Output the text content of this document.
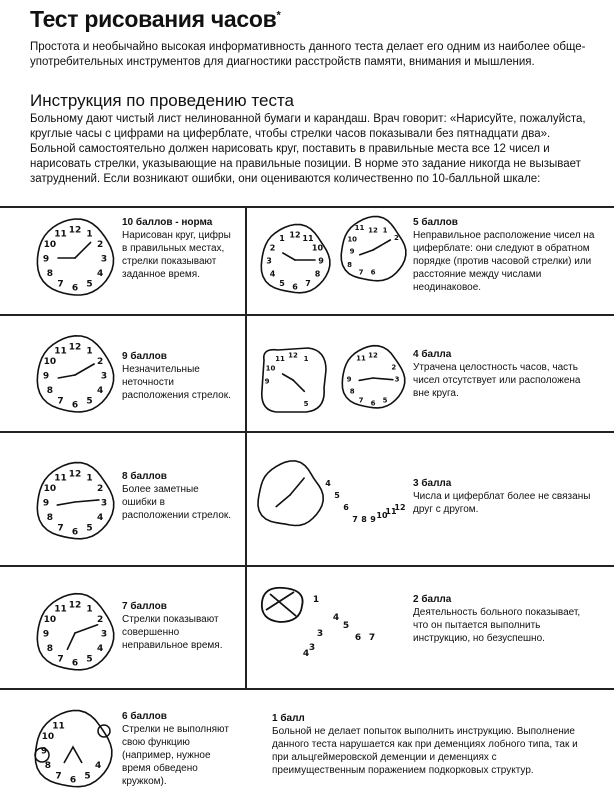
Тест рисования часов*
Простота и необычайно высокая информативность данного теста делает его одним из наиболее обще-употребительных инструментов для диагностики расстройств памяти, внимания и мышления.
Инструкция по проведению теста
Больному дают чистый лист нелинованной бумаги и карандаш. Врач говорит: «Нарисуйте, пожалуйста, круглые часы с цифрами на циферблате, чтобы стрелки часов показывали без пятнадцати два». Больной самостоятельно должен нарисовать круг, поставить в правильные места все 12 чисел и нарисовать стрелки, указывающие на правильные позиции. В норме это задание никогда не вызывает затруднений. Если возникают ошибки, они оцениваются количественно по 10-балльной шкале:
12 1
2
3
4
5
6
7
8
9
10
11
12 1
2
3
4
5
6
7
8
9
10
11
12 1
2
3
4
5
6
7
8
9
10
11
12 1
2
3
4
5
6
7
8
9
10
11
4
5
6
7
8
9
10
11
12 11
10
9
8
7
6
5
4
3
2
1
12 1
2
6
7
8
9
10
11
12 1
5
9
10
11	12
2
3
5
6
7
8
9
11
4
5
6
7 8 9 10
11
12
1
4
3
5
6 7
3
4
10 баллов - норма
Нарисован круг, цифры в правильных местах, стрелки показывают заданное время.
9 баллов
Незначительные неточности расположения стрелок.
8 баллов
Более заметные ошибки в расположении стрелок.
7 баллов
Стрелки показывают совершенно неправильное время.
6 баллов
Стрелки не выполняют свою функцию (например, нужное время обведено кружком).
5 баллов
Неправильное расположение чисел на циферблате: они следуют в обратном порядке (против часовой стрелки) или расстояние между числами неодинаковое.
4 балла
Утрачена целостность часов, часть чисел отсутствует или расположена вне круга.
3 балла
Числа и циферблат более не связаны друг с другом.
2 балла
Деятельность больного показывает, что он пытается выполнить инструкцию, но безуспешно.
1 балл
Больной не делает попыток выполнить инструкцию. Выполнение данного теста нарушается как при деменциях лобного типа, так и при альцгеймеровской деменции и деменциях с преимущественным поражением подкорковых структур.
